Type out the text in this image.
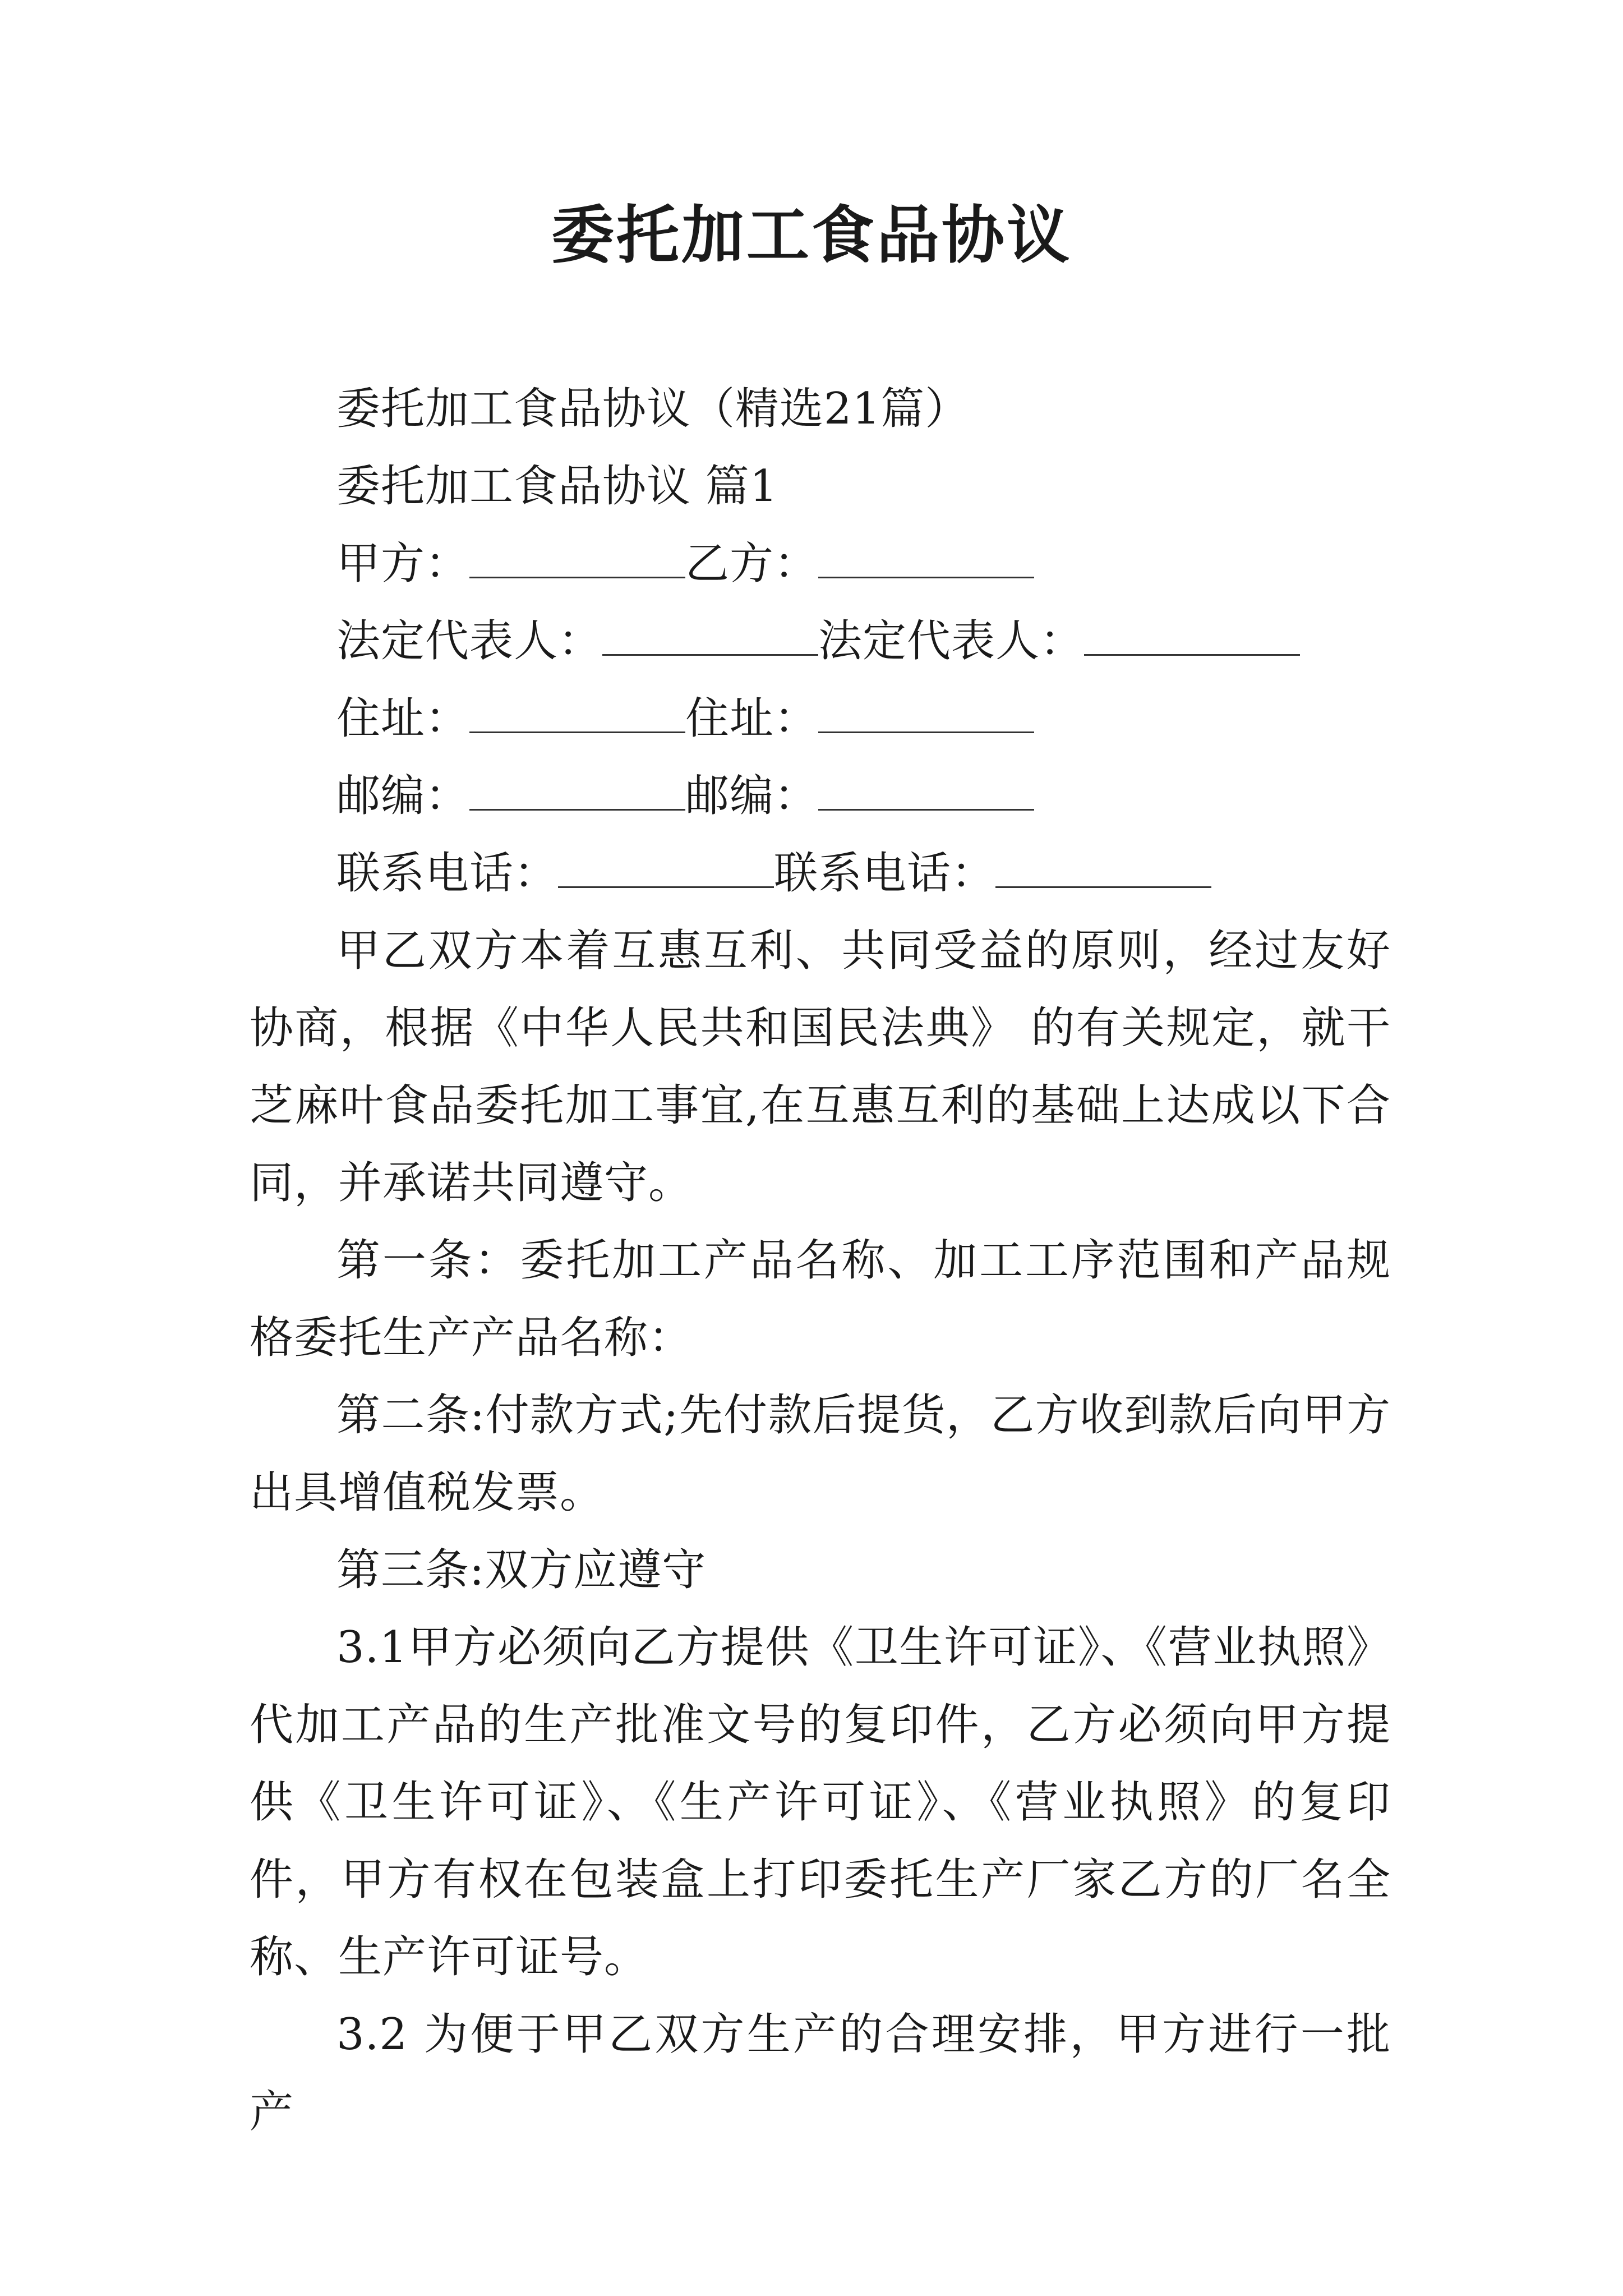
委托加工食品协议

委托加工食品协议（精选21篇）

委托加工食品协议 篇1

甲方：	乙方：

法定代表人：	法定代表人：

住址：	住址：

邮编：	邮编：

联系电话：	联系电话：

甲乙双方本着互惠互利、共同受益的原则，经过友好协商，根据《中华人民共和国民法典》 的有关规定，就干芝麻叶食品委托加工事宜,在互惠互利的基础上达成以下合同，并承诺共同遵守。

第一条：委托加工产品名称、加工工序范围和产品规格委托生产产品名称：

第二条:付款方式;先付款后提货，乙方收到款后向甲方出具增值税发票。

第三条:双方应遵守

3.1甲方必须向乙方提供《卫生许可证》、《营业执照》代加工产品的生产批准文号的复印件，乙方必须向甲方提供《卫生许可证》、《生产许可证》、《营业执照》的复印件，甲方有权在包装盒上打印委托生产厂家乙方的厂名全称、生产许可证号。

3.2 为便于甲乙双方生产的合理安排，甲方进行一批产
